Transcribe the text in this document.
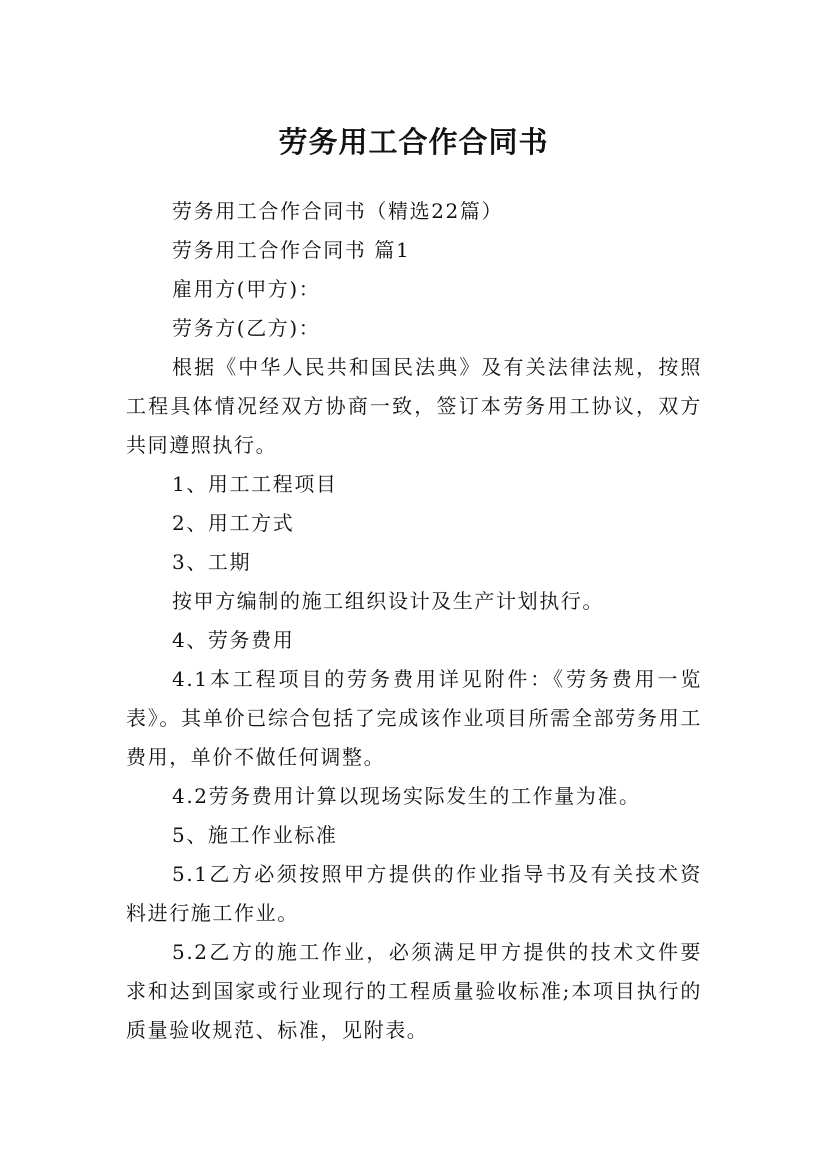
劳务用工合作合同书

劳务用工合作合同书（精选22篇）

劳务用工合作合同书 篇1

雇用方(甲方)：

劳务方(乙方)：

根据《中华人民共和国民法典》及有关法律法规，按照工程具体情况经双方协商一致，签订本劳务用工协议，双方共同遵照执行。

1、用工工程项目

2、用工方式

3、工期

按甲方编制的施工组织设计及生产计划执行。

4、劳务费用

4.1本工程项目的劳务费用详见附件：《劳务费用一览表》。其单价已综合包括了完成该作业项目所需全部劳务用工费用，单价不做任何调整。

4.2劳务费用计算以现场实际发生的工作量为准。

5、施工作业标准

5.1乙方必须按照甲方提供的作业指导书及有关技术资料进行施工作业。

5.2乙方的施工作业，必须满足甲方提供的技术文件要求和达到国家或行业现行的工程质量验收标准;本项目执行的质量验收规范、标准，见附表。
